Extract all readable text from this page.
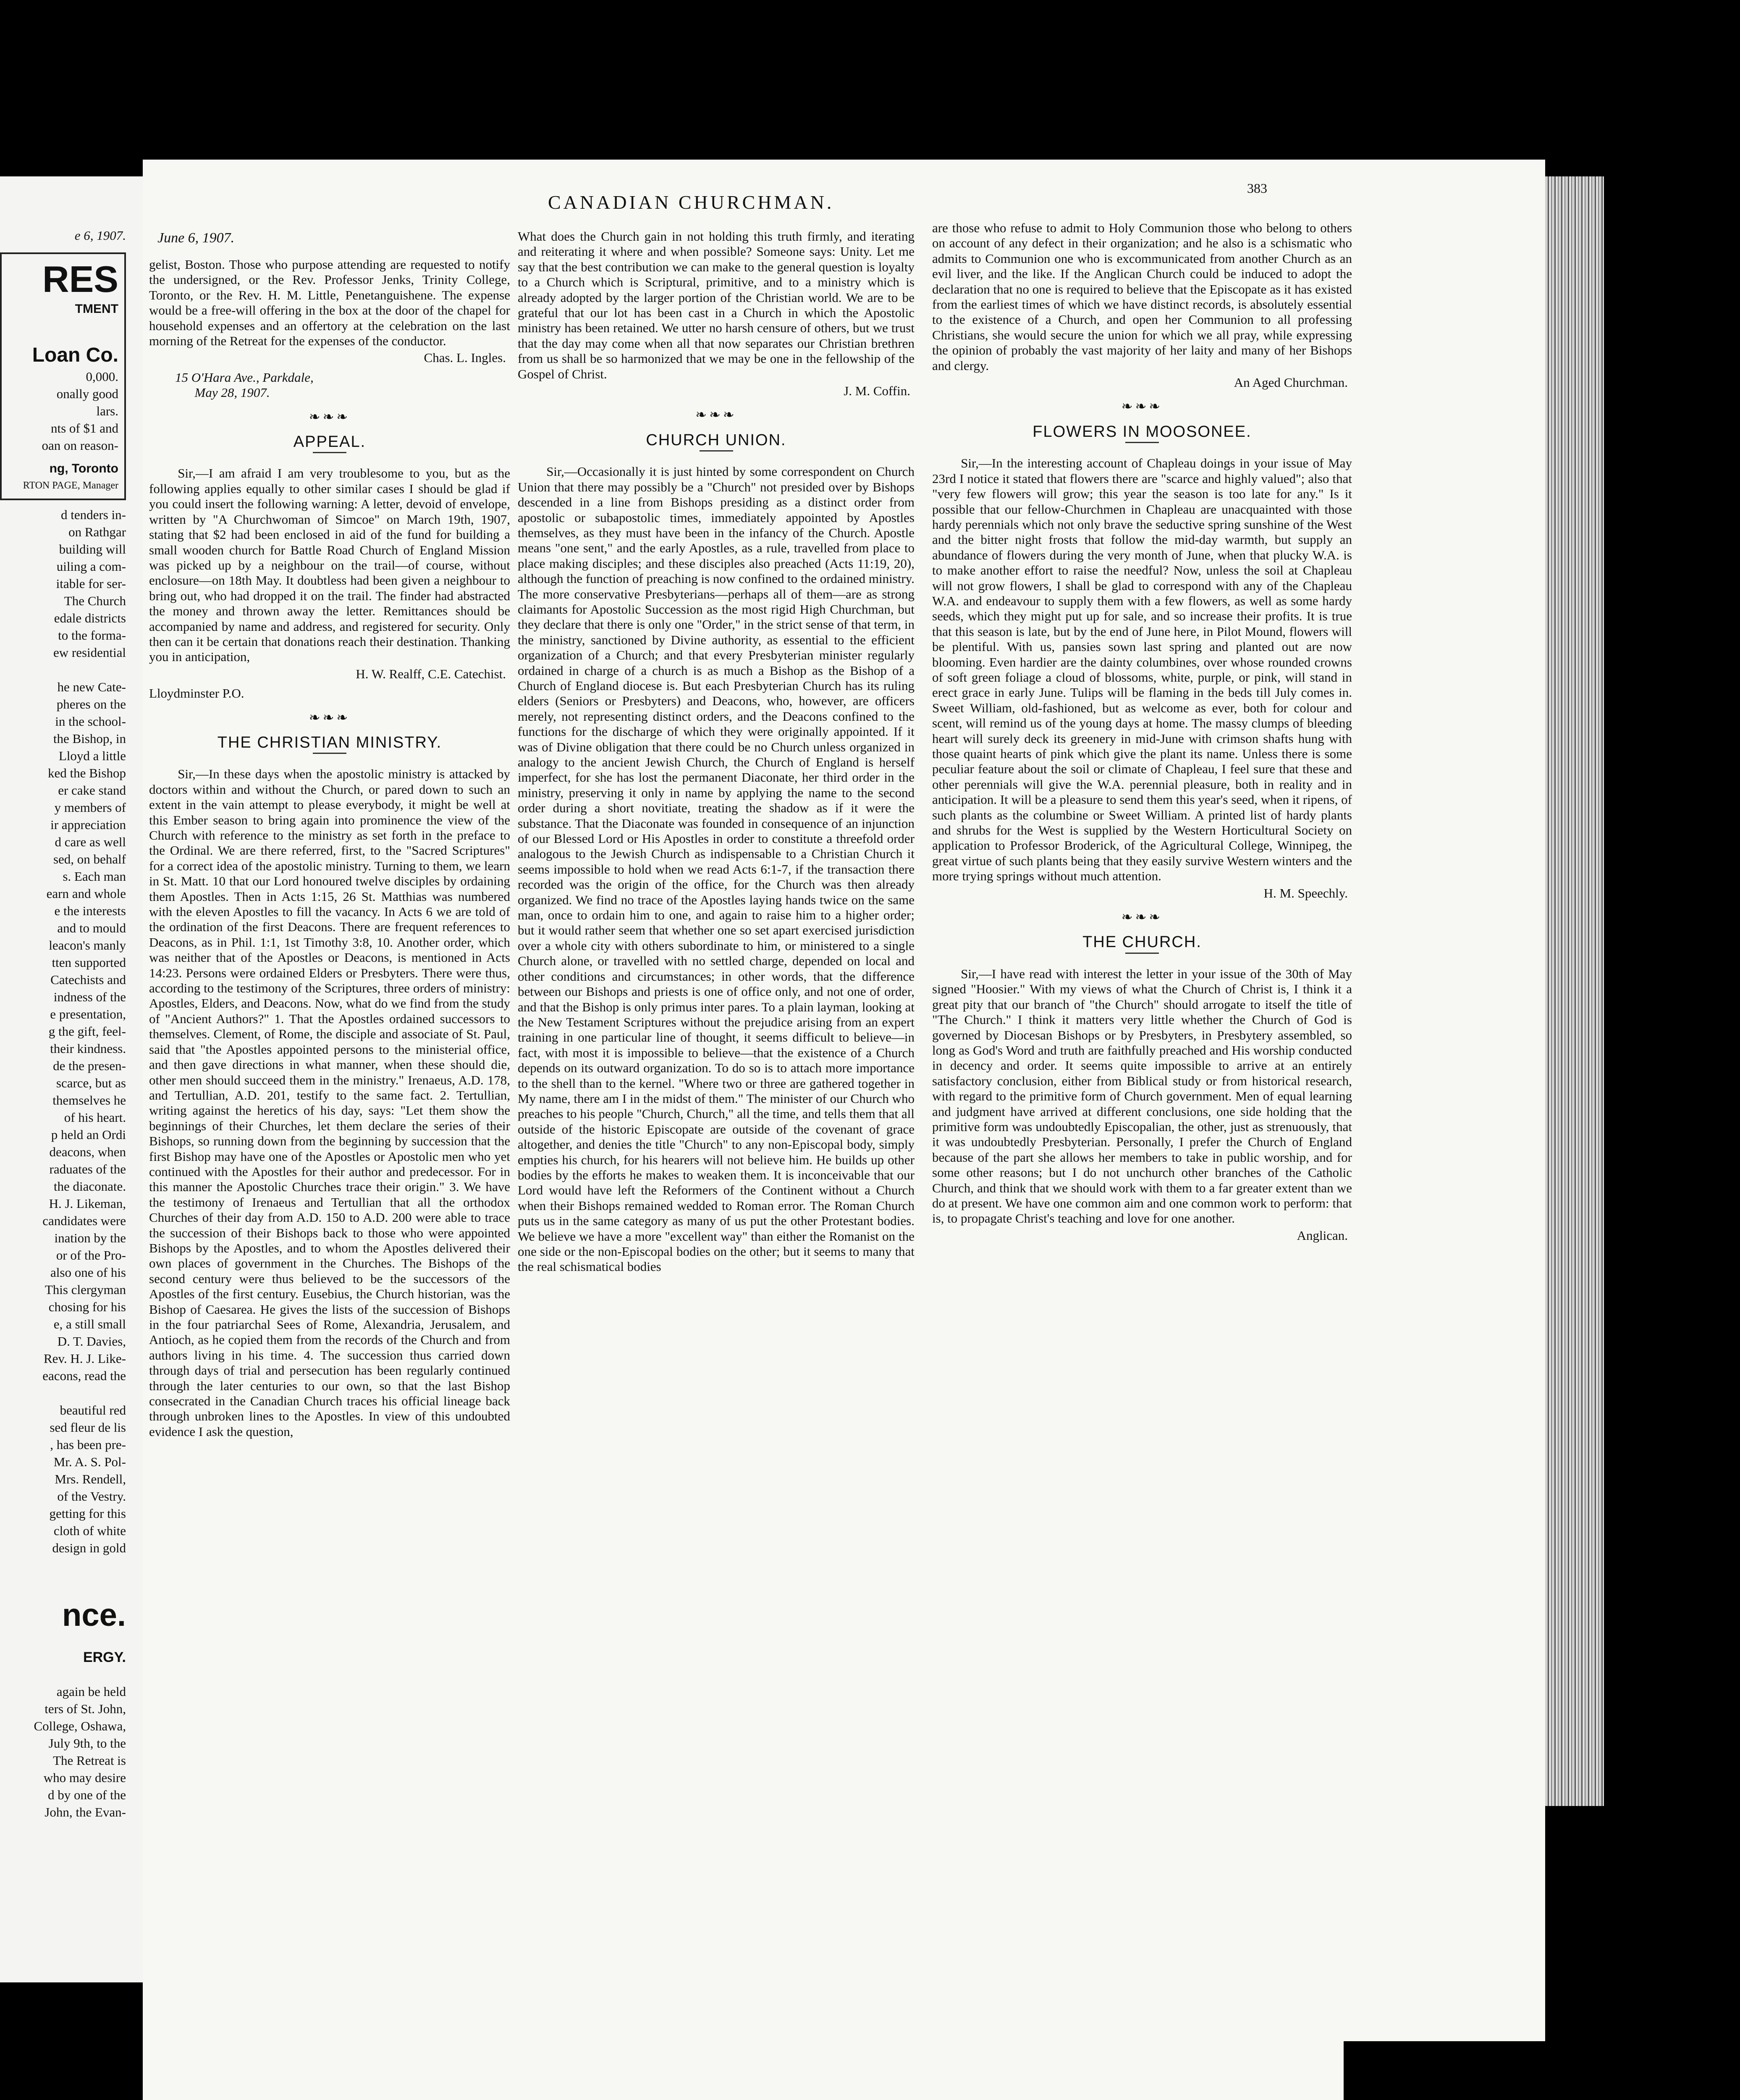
e 6, 1907.
RES
TMENT
Loan Co.
0,000.
onally good
lars.
nts of $1 and
oan on reason-
ng, Toronto
RTON PAGE, Manager
d tenders in-
on Rathgar
building will
uiling a com-
itable for ser-
The Church
edale districts
to the forma-
ew residential
he new Cate-
pheres on the
in the school-
the Bishop, in
Lloyd a little
ked the Bishop
er cake stand
y members of
ir appreciation
d care as well
sed, on behalf
s. Each man
earn and whole
e the interests
and to mould
leacon's manly
tten supported
Catechists and
indness of the
e presentation,
g the gift, feel-
their kindness.
de the presen-
scarce, but as
themselves he
of his heart.
p held an Ordi
deacons, when
raduates of the
the diaconate.
H. J. Likeman,
candidates were
ination by the
or of the Pro-
also one of his
This clergyman
chosing for his
e, a still small
D. T. Davies,
Rev. H. J. Like-
eacons, read the
beautiful red
sed fleur de lis
, has been pre-
Mr. A. S. Pol-
Mrs. Rendell,
of the Vestry.
getting for this
cloth of white
design in gold
nce.
ERGY.
again be held
ters of St. John,
College, Oshawa,
July 9th, to the
The Retreat is
who may desire
d by one of the
John, the Evan-
June 6, 1907.
CANADIAN CHURCHMAN.
383

gelist, Boston. Those who purpose attending are requested to notify the undersigned, or the Rev. Professor Jenks, Trinity College, Toronto, or the Rev. H. M. Little, Penetanguishene. The expense would be a free-will offering in the box at the door of the chapel for household expenses and an offertory at the celebration on the last morning of the Retreat for the expenses of the conductor.

Chas. L. Ingles.
15 O'Hara Ave., Parkdale,
May 28, 1907.
❧❧❧
APPEAL.

Sir,—I am afraid I am very troublesome to you, but as the following applies equally to other similar cases I should be glad if you could insert the following warning: A letter, devoid of envelope, written by "A Churchwoman of Simcoe" on March 19th, 1907, stating that $2 had been enclosed in aid of the fund for building a small wooden church for Battle Road Church of England Mission was picked up by a neighbour on the trail—of course, without enclosure—on 18th May. It doubtless had been given a neighbour to bring out, who had dropped it on the trail. The finder had abstracted the money and thrown away the letter. Remittances should be accompanied by name and address, and registered for security. Only then can it be certain that donations reach their destination. Thanking you in anticipation,

H. W. Realff, C.E. Catechist.
Lloydminster P.O.
❧❧❧
THE CHRISTIAN MINISTRY.

Sir,—In these days when the apostolic ministry is attacked by doctors within and without the Church, or pared down to such an extent in the vain attempt to please everybody, it might be well at this Ember season to bring again into prominence the view of the Church with reference to the ministry as set forth in the preface to the Ordinal. We are there referred, first, to the "Sacred Scriptures" for a correct idea of the apostolic ministry. Turning to them, we learn in St. Matt. 10 that our Lord honoured twelve disciples by ordaining them Apostles. Then in Acts 1:15, 26 St. Matthias was numbered with the eleven Apostles to fill the vacancy. In Acts 6 we are told of the ordination of the first Deacons. There are frequent references to Deacons, as in Phil. 1:1, 1st Timothy 3:8, 10. Another order, which was neither that of the Apostles or Deacons, is mentioned in Acts 14:23. Persons were ordained Elders or Presbyters. There were thus, according to the testimony of the Scriptures, three orders of ministry: Apostles, Elders, and Deacons. Now, what do we find from the study of "Ancient Authors?" 1. That the Apostles ordained successors to themselves. Clement, of Rome, the disciple and associate of St. Paul, said that "the Apostles appointed persons to the ministerial office, and then gave directions in what manner, when these should die, other men should succeed them in the ministry." Irenaeus, A.D. 178, and Tertullian, A.D. 201, testify to the same fact. 2. Tertullian, writing against the heretics of his day, says: "Let them show the beginnings of their Churches, let them declare the series of their Bishops, so running down from the beginning by succession that the first Bishop may have one of the Apostles or Apostolic men who yet continued with the Apostles for their author and predecessor. For in this manner the Apostolic Churches trace their origin." 3. We have the testimony of Irenaeus and Tertullian that all the orthodox Churches of their day from A.D. 150 to A.D. 200 were able to trace the succession of their Bishops back to those who were appointed Bishops by the Apostles, and to whom the Apostles delivered their own places of government in the Churches. The Bishops of the second century were thus believed to be the successors of the Apostles of the first century. Eusebius, the Church historian, was the Bishop of Caesarea. He gives the lists of the succession of Bishops in the four patriarchal Sees of Rome, Alexandria, Jerusalem, and Antioch, as he copied them from the records of the Church and from authors living in his time. 4. The succession thus carried down through days of trial and persecution has been regularly continued through the later centuries to our own, so that the last Bishop consecrated in the Canadian Church traces his official lineage back through unbroken lines to the Apostles. In view of this undoubted evidence I ask the question,

What does the Church gain in not holding this truth firmly, and iterating and reiterating it where and when possible? Someone says: Unity. Let me say that the best contribution we can make to the general question is loyalty to a Church which is Scriptural, primitive, and to a ministry which is already adopted by the larger portion of the Christian world. We are to be grateful that our lot has been cast in a Church in which the Apostolic ministry has been retained. We utter no harsh censure of others, but we trust that the day may come when all that now separates our Christian brethren from us shall be so harmonized that we may be one in the fellowship of the Gospel of Christ.

J. M. Coffin.
❧❧❧
CHURCH UNION.

Sir,—Occasionally it is just hinted by some correspondent on Church Union that there may possibly be a "Church" not presided over by Bishops descended in a line from Bishops presiding as a distinct order from apostolic or subapostolic times, immediately appointed by Apostles themselves, as they must have been in the infancy of the Church. Apostle means "one sent," and the early Apostles, as a rule, travelled from place to place making disciples; and these disciples also preached (Acts 11:19, 20), although the function of preaching is now confined to the ordained ministry. The more conservative Presbyterians—perhaps all of them—are as strong claimants for Apostolic Succession as the most rigid High Churchman, but they declare that there is only one "Order," in the strict sense of that term, in the ministry, sanctioned by Divine authority, as essential to the efficient organization of a Church; and that every Presbyterian minister regularly ordained in charge of a church is as much a Bishop as the Bishop of a Church of England diocese is. But each Presbyterian Church has its ruling elders (Seniors or Presbyters) and Deacons, who, however, are officers merely, not representing distinct orders, and the Deacons confined to the functions for the discharge of which they were originally appointed. If it was of Divine obligation that there could be no Church unless organized in analogy to the ancient Jewish Church, the Church of England is herself imperfect, for she has lost the permanent Diaconate, her third order in the ministry, preserving it only in name by applying the name to the second order during a short novitiate, treating the shadow as if it were the substance. That the Diaconate was founded in consequence of an injunction of our Blessed Lord or His Apostles in order to constitute a threefold order analogous to the Jewish Church as indispensable to a Christian Church it seems impossible to hold when we read Acts 6:1-7, if the transaction there recorded was the origin of the office, for the Church was then already organized. We find no trace of the Apostles laying hands twice on the same man, once to ordain him to one, and again to raise him to a higher order; but it would rather seem that whether one so set apart exercised jurisdiction over a whole city with others subordinate to him, or ministered to a single Church alone, or travelled with no settled charge, depended on local and other conditions and circumstances; in other words, that the difference between our Bishops and priests is one of office only, and not one of order, and that the Bishop is only primus inter pares. To a plain layman, looking at the New Testament Scriptures without the prejudice arising from an expert training in one particular line of thought, it seems difficult to believe—in fact, with most it is impossible to believe—that the existence of a Church depends on its outward organization. To do so is to attach more importance to the shell than to the kernel. "Where two or three are gathered together in My name, there am I in the midst of them." The minister of our Church who preaches to his people "Church, Church," all the time, and tells them that all outside of the historic Episcopate are outside of the covenant of grace altogether, and denies the title "Church" to any non-Episcopal body, simply empties his church, for his hearers will not believe him. He builds up other bodies by the efforts he makes to weaken them. It is inconceivable that our Lord would have left the Reformers of the Continent without a Church when their Bishops remained wedded to Roman error. The Roman Church puts us in the same category as many of us put the other Protestant bodies. We believe we have a more "excellent way" than either the Romanist on the one side or the non-Episcopal bodies on the other; but it seems to many that the real schismatical bodies

are those who refuse to admit to Holy Communion those who belong to others on account of any defect in their organization; and he also is a schismatic who admits to Communion one who is excommunicated from another Church as an evil liver, and the like. If the Anglican Church could be induced to adopt the declaration that no one is required to believe that the Episcopate as it has existed from the earliest times of which we have distinct records, is absolutely essential to the existence of a Church, and open her Communion to all professing Christians, she would secure the union for which we all pray, while expressing the opinion of probably the vast majority of her laity and many of her Bishops and clergy.

An Aged Churchman.
❧❧❧
FLOWERS IN MOOSONEE.

Sir,—In the interesting account of Chapleau doings in your issue of May 23rd I notice it stated that flowers there are "scarce and highly valued"; also that "very few flowers will grow; this year the season is too late for any." Is it possible that our fellow-Churchmen in Chapleau are unacquainted with those hardy perennials which not only brave the seductive spring sunshine of the West and the bitter night frosts that follow the mid-day warmth, but supply an abundance of flowers during the very month of June, when that plucky W.A. is to make another effort to raise the needful? Now, unless the soil at Chapleau will not grow flowers, I shall be glad to correspond with any of the Chapleau W.A. and endeavour to supply them with a few flowers, as well as some hardy seeds, which they might put up for sale, and so increase their profits. It is true that this season is late, but by the end of June here, in Pilot Mound, flowers will be plentiful. With us, pansies sown last spring and planted out are now blooming. Even hardier are the dainty columbines, over whose rounded crowns of soft green foliage a cloud of blossoms, white, purple, or pink, will stand in erect grace in early June. Tulips will be flaming in the beds till July comes in. Sweet William, old-fashioned, but as welcome as ever, both for colour and scent, will remind us of the young days at home. The massy clumps of bleeding heart will surely deck its greenery in mid-June with crimson shafts hung with those quaint hearts of pink which give the plant its name. Unless there is some peculiar feature about the soil or climate of Chapleau, I feel sure that these and other perennials will give the W.A. perennial pleasure, both in reality and in anticipation. It will be a pleasure to send them this year's seed, when it ripens, of such plants as the columbine or Sweet William. A printed list of hardy plants and shrubs for the West is supplied by the Western Horticultural Society on application to Professor Broderick, of the Agricultural College, Winnipeg, the great virtue of such plants being that they easily survive Western winters and the more trying springs without much attention.

H. M. Speechly.
❧❧❧
THE CHURCH.

Sir,—I have read with interest the letter in your issue of the 30th of May signed "Hoosier." With my views of what the Church of Christ is, I think it a great pity that our branch of "the Church" should arrogate to itself the title of "The Church." I think it matters very little whether the Church of God is governed by Diocesan Bishops or by Presbyters, in Presbytery assembled, so long as God's Word and truth are faithfully preached and His worship conducted in decency and order. It seems quite impossible to arrive at an entirely satisfactory conclusion, either from Biblical study or from historical research, with regard to the primitive form of Church government. Men of equal learning and judgment have arrived at different conclusions, one side holding that the primitive form was undoubtedly Episcopalian, the other, just as strenuously, that it was undoubtedly Presbyterian. Personally, I prefer the Church of England because of the part she allows her members to take in public worship, and for some other reasons; but I do not unchurch other branches of the Catholic Church, and think that we should work with them to a far greater extent than we do at present. We have one common aim and one common work to perform: that is, to propagate Christ's teaching and love for one another.

Anglican.
